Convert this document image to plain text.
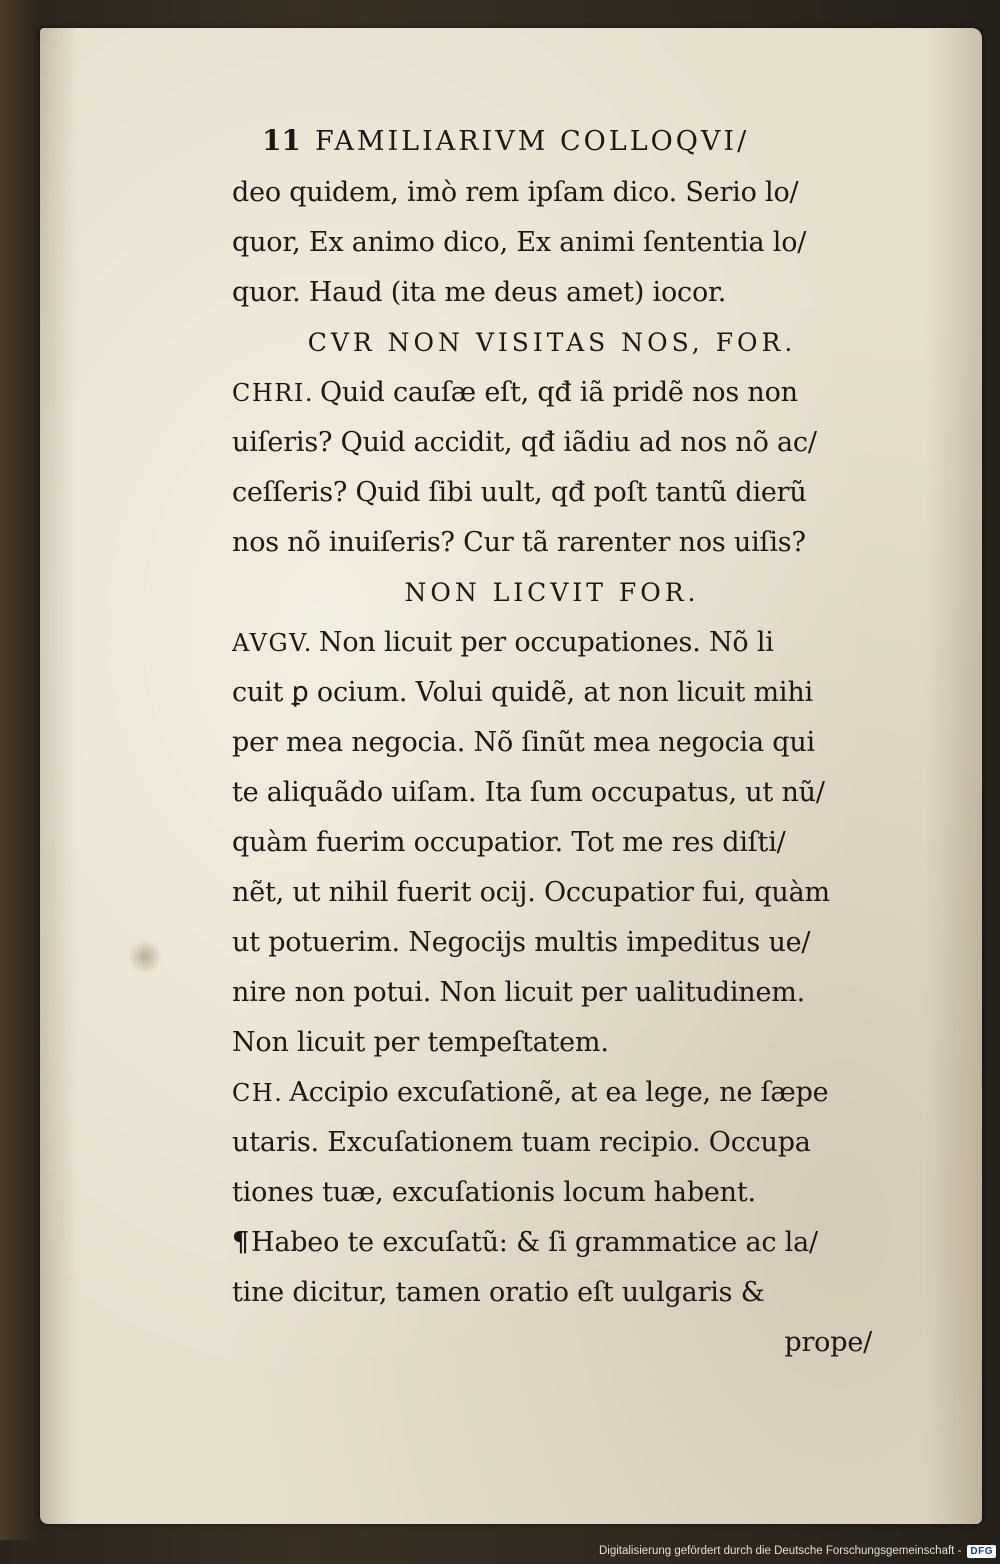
11 FAMILIARIVM COLLOQVI/
deo quidem, imò rem ipſam dico. Serio lo/
quor, Ex animo dico, Ex animi ſententia lo/
quor. Haud (ita me deus amet) iocor.
CVR NON VISITAS NOS, FOR.
CHRI. Quid cauſæ eſt, qđ iã pridẽ nos non
uiſeris? Quid accidit, qđ iãdiu ad nos nõ ac/
ceſſeris? Quid ſibi uult, qđ poſt tantũ dierũ
nos nõ inuiſeris? Cur tã rarenter nos uiſis?
NON LICVIT FOR.
AVGV. Non licuit per occupationes. Nõ li
cuit ꝑ ocium. Volui quidẽ, at non licuit mihi
per mea negocia. Nõ ſinũt mea negocia qui
te aliquãdo uiſam. Ita ſum occupatus, ut nũ/
quàm fuerim occupatior. Tot me res diſti/
nẽt, ut nihil fuerit ocij. Occupatior fui, quàm
ut potuerim. Negocijs multis impeditus ue/
nire non potui. Non licuit per ualitudinem.
Non licuit per tempeſtatem.
CH. Accipio excuſationẽ, at ea lege, ne ſæpe
utaris. Excuſationem tuam recipio. Occupa
tiones tuæ, excuſationis locum habent.
¶Habeo te excuſatũ: & ſi grammatice ac la/
tine dicitur, tamen oratio eſt uulgaris &
prope/
Digitalisierung gefördert durch die Deutsche Forschungsgemeinschaft - DFG
